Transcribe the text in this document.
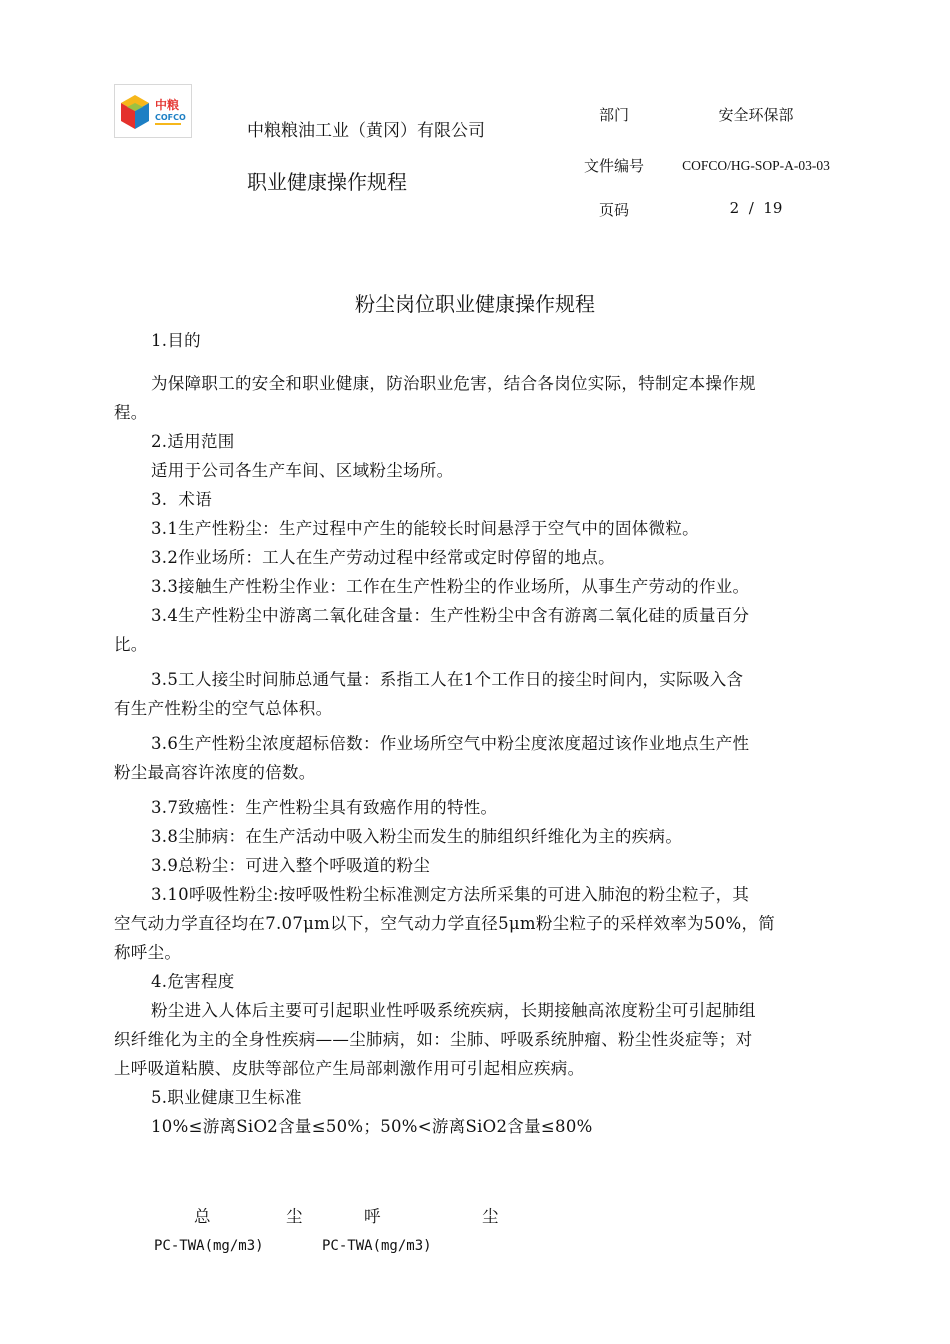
中粮
COFCO
中粮粮油工业（黄冈）有限公司
职业健康操作规程
部门	安全环保部
文件编号	COFCO/HG-SOP-A-03-03
页码	2  /  19
粉尘岗位职业健康操作规程
1.目的
为保障职工的安全和职业健康，防治职业危害，结合各岗位实际，特制定本操作规
程。
2.适用范围
适用于公司各生产车间、区域粉尘场所。
3.  术语
3.1生产性粉尘：生产过程中产生的能较长时间悬浮于空气中的固体微粒。
3.2作业场所：工人在生产劳动过程中经常或定时停留的地点。
3.3接触生产性粉尘作业：工作在生产性粉尘的作业场所，从事生产劳动的作业。
3.4生产性粉尘中游离二氧化硅含量：生产性粉尘中含有游离二氧化硅的质量百分
比。
3.5工人接尘时间肺总通气量：系指工人在1个工作日的接尘时间内，实际吸入含
有生产性粉尘的空气总体积。
3.6生产性粉尘浓度超标倍数：作业场所空气中粉尘度浓度超过该作业地点生产性
粉尘最高容许浓度的倍数。
3.7致癌性：生产性粉尘具有致癌作用的特性。
3.8尘肺病：在生产活动中吸入粉尘而发生的肺组织纤维化为主的疾病。
3.9总粉尘：可进入整个呼吸道的粉尘
3.10呼吸性粉尘:按呼吸性粉尘标准测定方法所采集的可进入肺泡的粉尘粒子，其
空气动力学直径均在7.07μm以下，空气动力学直径5μm粉尘粒子的采样效率为50%，简
称呼尘。
4.危害程度
粉尘进入人体后主要可引起职业性呼吸系统疾病，长期接触高浓度粉尘可引起肺组
织纤维化为主的全身性疾病——尘肺病，如：尘肺、呼吸系统肿瘤、粉尘性炎症等；对
上呼吸道粘膜、皮肤等部位产生局部刺激作用可引起相应疾病。
5.职业健康卫生标准
10%≤游离SiO2含量≤50%；50%<游离SiO2含量≤80%
总	尘	呼	尘
PC-TWA(mg/m3)	PC-TWA(mg/m3)
